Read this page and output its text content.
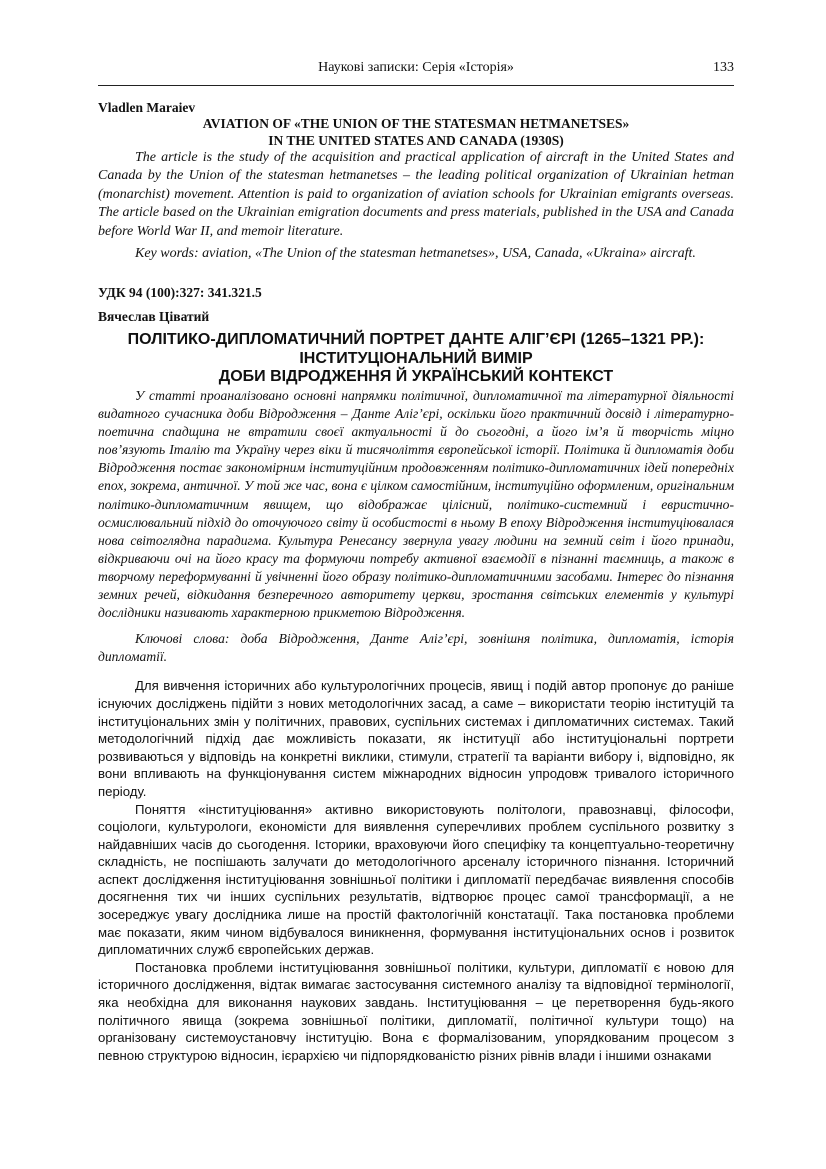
Наукові записки: Серія «Історія»	133
Vladlen Maraiev
AVIATION OF «THE UNION OF THE STATESMAN HETMANETSES»
IN THE UNITED STATES AND CANADA (1930S)

The article is the study of the acquisition and practical application of aircraft in the United States and Canada by the Union of the statesman hetmanetses – the leading political organization of Ukrainian hetman (monarchist) movement. Attention is paid to organization of aviation schools for Ukrainian emigrants overseas. The article based on the Ukrainian emigration documents and press materials, published in the USA and Canada before World War II, and memoir literature.

Key words: aviation, «The Union of the statesman hetmanetses», USA, Canada, «Ukraina» aircraft.

УДК 94 (100):327: 341.321.5
Вячеслав Ціватий
ПОЛІТИКО-ДИПЛОМАТИЧНИЙ ПОРТРЕТ ДАНТЕ АЛІГ’ЄРІ (1265–1321 РР.):
ІНСТИТУЦІОНАЛЬНИЙ ВИМІР
ДОБИ ВІДРОДЖЕННЯ Й УКРАЇНСЬКИЙ КОНТЕКСТ

У статті проаналізовано основні напрямки політичної, дипломатичної та літературної діяльності видатного сучасника доби Відродження – Данте Аліг’єрі, оскільки його практичний досвід і літературно-поетична спадщина не втратили своєї актуальності й до сьогодні, а його ім’я й творчість міцно пов’язують Італію та Україну через віки й тисячоліття європейської історії. Політика й дипломатія доби Відродження постає закономірним інституційним продовженням політико-дипломатичних ідей попередніх епох, зокрема, античної. У той же час, вона є цілком самостійним, інституційно оформленим, оригінальним політико-дипломатичним явищем, що відображає цілісний, політико-системний і евристично-осмислювальний підхід до оточуючого світу й особистості в ньому В епоху Відродження інституціювалася нова світоглядна парадигма. Культура Ренесансу звернула увагу людини на земний світ і його принади, відкриваючи очі на його красу та формуючи потребу активної взаємодії в пізнанні таємниць, а також в творчому переформуванні й увічненні його образу політико-дипломатичними засобами. Інтерес до пізнання земних речей, відкидання безперечного авторитету церкви, зростання світських елементів у культурі дослідники називають характерною прикметою Відродження.

Ключові слова: доба Відродження, Данте Аліг’єрі, зовнішня політика, дипломатія, історія дипломатії.

Для вивчення історичних або культурологічних процесів, явищ і подій автор пропонує до раніше існуючих досліджень підійти з нових методологічних засад, а саме – використати теорію інституцій та інституціональних змін у політичних, правових, суспільних системах і дипломатичних системах. Такий методологічний підхід дає можливість показати, як інституції або інституціональні портрети розвиваються у відповідь на конкретні виклики, стимули, стратегії та варіанти вибору і, відповідно, як вони впливають на функціонування систем міжнародних відносин упродовж тривалого історичного періоду.

Поняття «інституціювання» активно використовують політологи, правознавці, філософи, соціологи, культурологи, економісти для виявлення суперечливих проблем суспільного розвитку з найдавніших часів до сьогодення. Історики, враховуючи його специфіку та концептуально-теоретичну складність, не поспішають залучати до методологічного арсеналу історичного пізнання. Історичний аспект дослідження інституціювання зовнішньої політики і дипломатії передбачає виявлення способів досягнення тих чи інших суспільних результатів, відтворює процес самої трансформації, а не зосереджує увагу дослідника лише на простій фактологічній констатації. Така постановка проблеми має показати, яким чином відбувалося виникнення, формування інституціональних основ і розвиток дипломатичних служб європейських держав.

Постановка проблеми інституціювання зовнішньої політики, культури, дипломатії є новою для історичного дослідження, відтак вимагає застосування системного аналізу та відповідної термінології, яка необхідна для виконання наукових завдань. Інституціювання – це перетворення будь-якого політичного явища (зокрема зовнішньої політики, дипломатії, політичної культури тощо) на організовану системоустановчу інституцію. Вона є формалізованим, упорядкованим процесом з певною структурою відносин, ієрархією чи підпорядкованістю різних рівнів влади і іншими ознаками
